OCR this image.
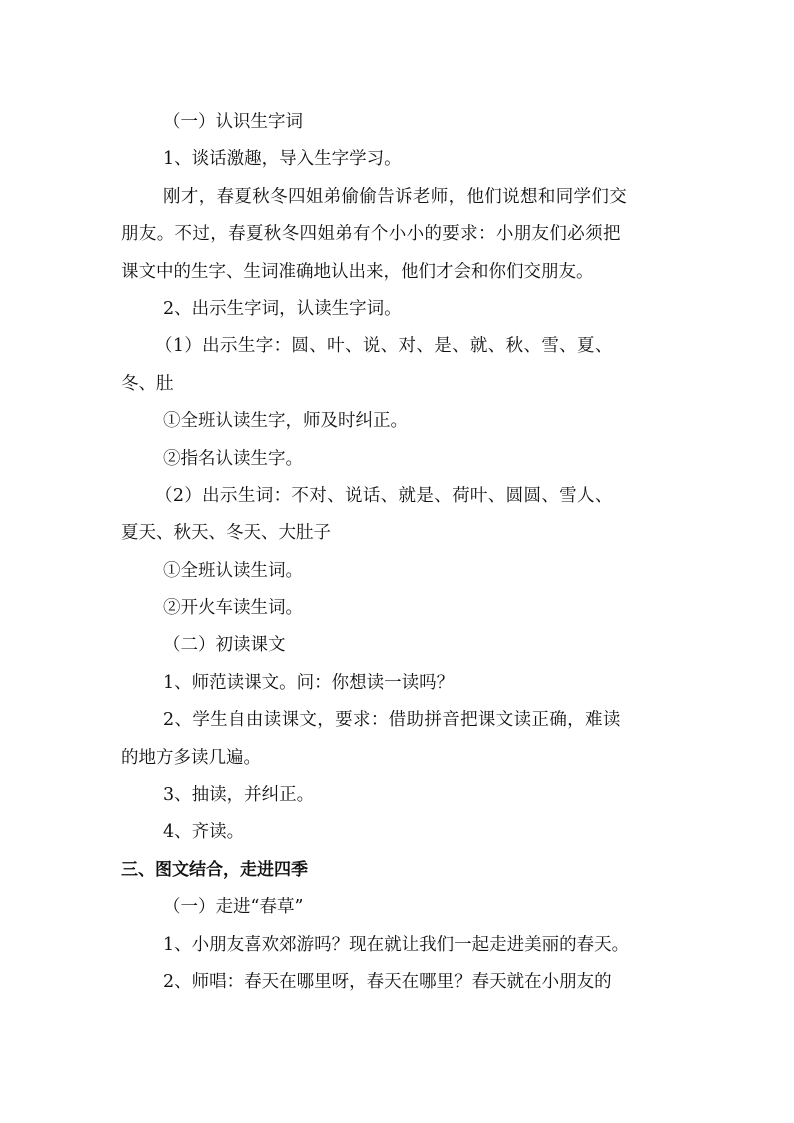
（一）认识生字词
1、谈话激趣，导入生字学习。
刚才，春夏秋冬四姐弟偷偷告诉老师，他们说想和同学们交
朋友。不过，春夏秋冬四姐弟有个小小的要求：小朋友们必须把
课文中的生字、生词准确地认出来，他们才会和你们交朋友。
2、出示生字词，认读生字词。
（1）出示生字：圆、叶、说、对、是、就、秋、雪、夏、
冬、肚
①全班认读生字，师及时纠正。
②指名认读生字。
（2）出示生词：不对、说话、就是、荷叶、圆圆、雪人、
夏天、秋天、冬天、大肚子
①全班认读生词。
②开火车读生词。
（二）初读课文
1、师范读课文。问：你想读一读吗？
2、学生自由读课文，要求：借助拼音把课文读正确，难读
的地方多读几遍。
3、抽读，并纠正。
4、齐读。
三、图文结合，走进四季
（一）走进“春草”
1、小朋友喜欢郊游吗？现在就让我们一起走进美丽的春天。
2、师唱：春天在哪里呀，春天在哪里？春天就在小朋友的
